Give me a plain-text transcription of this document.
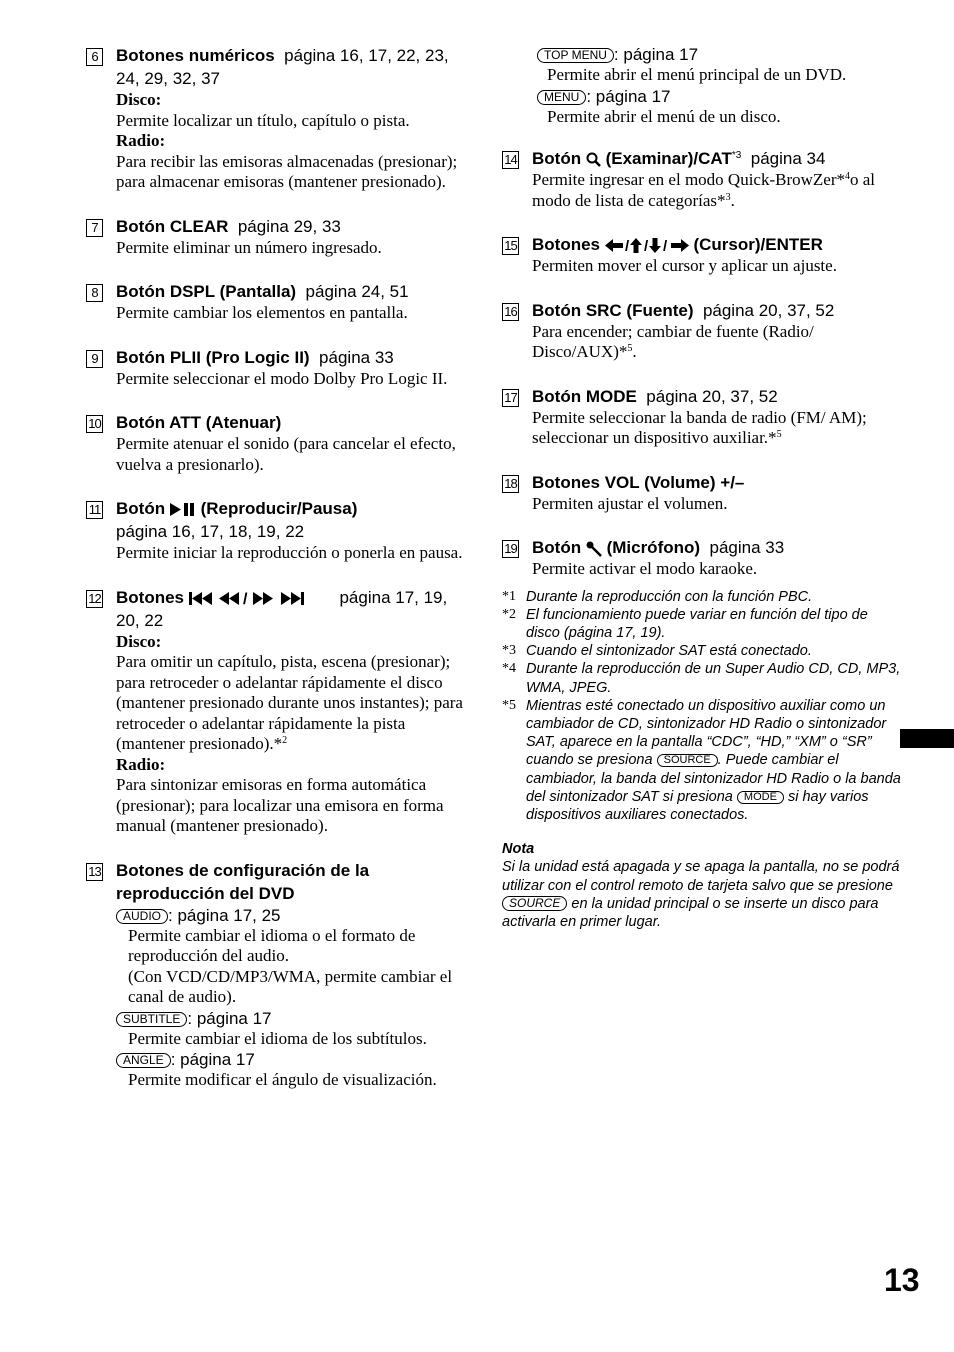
6	Botones numéricos página 16, 17, 22, 23, 24, 29, 32, 37
Disco:
Permite localizar un título, capítulo o pista.
Radio:
Para recibir las emisoras almacenadas (presionar); para almacenar emisoras (mantener presionado).
7	Botón CLEAR página 29, 33
Permite eliminar un número ingresado.
8	Botón DSPL (Pantalla) página 24, 51
Permite cambiar los elementos en pantalla.
9	Botón PLII (Pro Logic II) página 33
Permite seleccionar el modo Dolby Pro Logic II.
10 Botón ATT (Atenuar)
Permite atenuar el sonido (para cancelar el efecto, vuelva a presionarlo).
11 Botón (Reproducir/Pausa)
página 16, 17, 18, 19, 22
Permite iniciar la reproducción o ponerla en pausa.
12 Botones	/	página 17, 19, 20, 22
Disco:
Para omitir un capítulo, pista, escena (presionar); para retroceder o adelantar rápidamente el disco (mantener presionado durante unos instantes); para retroceder o adelantar rápidamente la pista (mantener presionado).*$^2$
Radio:
Para sintonizar emisoras en forma automática (presionar); para localizar una emisora en forma manual (mantener presionado).
13 Botones de configuración de la reproducción del DVD
AUDIO : página 17, 25
Permite cambiar el idioma o el formato de reproducción del audio.
(Con VCD/CD/MP3/WMA, permite cambiar el canal de audio).
SUBTITLE : página 17
Permite cambiar el idioma de los subtítulos.
ANGLE : página 17
Permite modificar el ángulo de visualización.
TOP MENU : página 17
Permite abrir el menú principal de un DVD.
MENU : página 17
Permite abrir el menú de un disco.
14 Botón (Examinar)/CAT$^{*3}$ página 34
Permite ingresar en el modo Quick-BrowZer*$^4$o al modo de lista de categorías*$^3$.
15 Botones / / / (Cursor)/ENTER
Permiten mover el cursor y aplicar un ajuste.
16 Botón SRC (Fuente) página 20, 37, 52
Para encender; cambiar de fuente (Radio/ Disco/AUX)*$^5$.
17 Botón MODE página 20, 37, 52
Permite seleccionar la banda de radio (FM/ AM); seleccionar un dispositivo auxiliar.*$^5$
18 Botones VOL (Volume) +/–
Permiten ajustar el volumen.
19 Botón (Micrófono) página 33
Permite activar el modo karaoke.
*1 Durante la reproducción con la función PBC.
*2 El funcionamiento puede variar en función del tipo de disco (página 17, 19).
*3 Cuando el sintonizador SAT está conectado.
*4 Durante la reproducción de un Super Audio CD, CD, MP3, WMA, JPEG.
*5 Mientras esté conectado un dispositivo auxiliar como un cambiador de CD, sintonizador HD Radio o sintonizador SAT, aparece en la pantalla “CDC”, “HD,” “XM” o “SR” cuando se presiona SOURCE . Puede cambiar el cambiador, la banda del sintonizador HD Radio o la banda del sintonizador SAT si presiona MODE si hay varios dispositivos auxiliares conectados.
Nota
Si la unidad está apagada y se apaga la pantalla, no se podrá utilizar con el control remoto de tarjeta salvo que se presione SOURCE en la unidad principal o se inserte un disco para activarla en primer lugar.
13
